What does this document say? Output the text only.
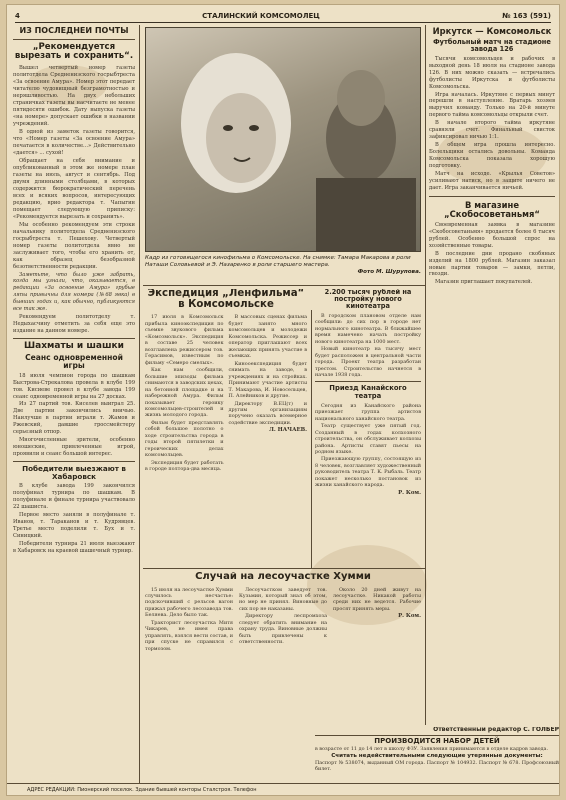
4	СТАЛИНСКИЙ КОМСОМОЛЕЦ	№ 163 (591)
ИЗ ПОСЛЕДНЕЙ ПОЧТЫ
„Рекомендуется вырезать и сохранить“.

Вышел четвертый номер газеты политотдела Средненизского госрыбтреста «За освоение Амура». Номер этот передает читателю чудовищный безграмотностью и неряшливостью. На двух небольших страничках газеты вы насчитаете не менее пятидесяти ошибок. Дату выпуска газеты «на номере» допускает ошибки в названии учреждений.

В одной из заметок газеты говорится, что «Номер газеты «За освоение Амура» печатается в количестве...» Действительно «дается» ... сухой!

Обращает на себя внимание и опубликованный в этом же номере план газеты на июль, август и сентябрь. Под двумя длинными столбцами, в которых содержится бюрократический перечень всех и всяких вопросов, интересующих редакцию, врио редактора т. Чапыгин помещает следующую приписку: «Рекомендуется вырезать и сохранить».

Мы особенно рекомендуем эти строки начальнику политотдела Средненизского госрыбтреста т. Пешехову. Четвертый номер газеты политотдела явно не заслуживает того, чтобы его хранить от, как образец безобразной безответственности редакции.

Заметьте, что было уже забрать, когда мы узнали, что, оказывается, в редакции «За освоение Амура» грубые ляпы привычны для номера (№68 явка) в бывших годах и, как обычно, публикуются все так же.

Рекомендуем политотделу т. Недыхасчину отметить за себя еще это издание на данном номере.

Шахматы и шашки
Сеанс одновременной игры

18 июля чемпион города по шашкам Быстрова-Стрекалова провела в клубе 199 тов. Кисиеве провел в клубе завода 199 сеанс одновременной игры на 27 досках.

Из 27 партий тов. Киселев выиграл 25. Две партии закончились вничью. Наилучше в партии играли т. Жамов и Ржевский, давшие гроссмейстеру серьезный отпор.

Многочисленные зрители, особенно юношеские, привлеченные игрой, проявили и сеанс большой интерес.

Победители выезжают в Хабаровск

В клубе завода 199 закончился полуфинал турнира по шашкам. В полуфинале и финале турнира участвовало 22 шашиста.

Первое место заняли в полуфинале т. Иванов, т. Тараканов и т. Кудрявцев. Третье место поделили т. Бух и т. Синицкий.

Победители турнира 21 июля выезжают в Хабаровск на краевой шашечный турнир.

Кадр из готовящегося кинофильма о Комсомольске. На снимке: Тамара Макарова в роли Наташи Соловьевой и Э. Назаренко в роли старшего мастера.
Фото М. Шурупова.
Экспедиция „Ленфильма“ в Комсомольске

17 июля в Комсомольск прибыла киноэкспедиция по съемке звукового фильма «Комсомольск». Экспедиция в составе 25 человек возглавлена режиссером тов. Герасимов, известным по фильму «Семеро смелых».

Как нам сообщили, большие эпизоды фильма снимаются в заводских цехах, на бетонной площадке и на набережной Амура. Фильм показывает героику комсомольцев-строителей и жизнь молодого города.

Фильм будет представлять собой большое полотно о ходе строительства города в годы второй пятилетки и героических делах комсомольцев.

Экспедиция будет работать в городе полтора-два месяца.

В массовых сценах фильма будет занято много комсомольцев и молодежи Комсомольска. Режиссер и оператор приглашают всех желающих принять участие в съемках.

Кинооекспедиция будет снимать на заводе, в учреждениях и на стройках. Принимают участие артисты Т. Макарова, И. Новосельцев, П. Алейников и другие.

Директору В.ЕЦ(т) и другим организациям поручено оказать всемерное содействие экспедиции.

Л. НАЧАЕВ.

2.200 тысяч рублей на постройку нового кинотеатра

В городском плановом отделе нам сообщили: до сих пор в городе нет нормального кинотеатра. В ближайшее время намечено начать постройку нового кинотеатра на 1000 мест.

Новый кинотеатр на тысячу мест будет расположен в центральной части города. Проект театра разработан трестом. Строительство начнется в начале 1938 года.

Приезд Канайского театра

Сегодня из Канайского района приезжает группа артистов национального ханайского театра.

Театр существует уже пятый год. Созданный в годах колхозного строительства, он обслуживает колхозы района. Артисты ставят пьесы на родном языке.

Приезжающую группу, состоящую из 8 человек, возглавляет художественный руководитель театра Т. К. Рыбаль. Театр покажет несколько постановок из жизни ханайского народа.

Р. Ком.

Случай на лесоучастке Хумми

15 июля на лесоучастке Хумми случилось несчастье: подскочивший с рельсов вагон прижал рабочего лесозавода тов. Беляева. Дело было так.

Тракторист лесоучастка Митя Чикарев, не имея права управлять, взялся вести состав, и при спуске не справился с тормозом.

Лесоучастком заведует тов. Кузьмин, который знал об этом, но мер не принял. Виновные до сих пор не наказаны.

Директору леспромхоза следует обратить внимание на охрану труда. Виновные должны быть привлечены к ответственности.

Около 20 дней живут на лесоучастке. Никакой работы среди них не ведется. Рабочие просят принять меры.

Р. Ком.

Иркутск — Комсомольск
Футбольный матч на стадионе завода 126

Тысячи комсомольцев и рабочих в выходной день 18 июля на стадионе завода 126. В них можно сказать — встречались футболисты Иркутска и футболисты Комсомольска.

Игра началась. Иркутяне с первых минут перешли в наступление. Вратарь хозяев выручил команду. Только на 20-й минуте первого тайма комсомольцы открыли счет.

В начале второго тайма иркутяне сравняли счет. Финальный свисток зафиксировал ничью 1:1.

В общем игра прошла интересно. Болельщики остались довольны. Команда Комсомольска показала хорошую подготовку.

Матч на исходе. «Крылья Советов» усиливают натиск, но в защите ничего не дает. Игра заканчивается ничьей.

В магазине „Скобосоветаньмя“

Своевременная заявка в магазине «Скобосоветаньмя» продается более 6 тысяч рублей. Особенно большой спрос на хозяйственные товары.

В последние дни продано скобяных изделий на 1800 рублей. Магазин заказал новые партии товаров — замки, петли, гвозди.

Магазин приглашает покупателей.

Ответственный редактор С. ГОЛБЕР
ПРОИЗВОДИТСЯ НАБОР ДЕТЕЙ
в возрасте от 11 до 14 лет в школу ФЗУ. Заявления принимаются в отделе кадров завода.
Считать недействительными следующие утерянные документы:
Паспорт № 538074, выданный ОМ города. Паспорт № 104932. Паспорт № 678. Профсоюзный билет.
АДРЕС РЕДАКЦИИ: Пионерский поселок. Здание бывшей конторы Сталстроя. Телефон
